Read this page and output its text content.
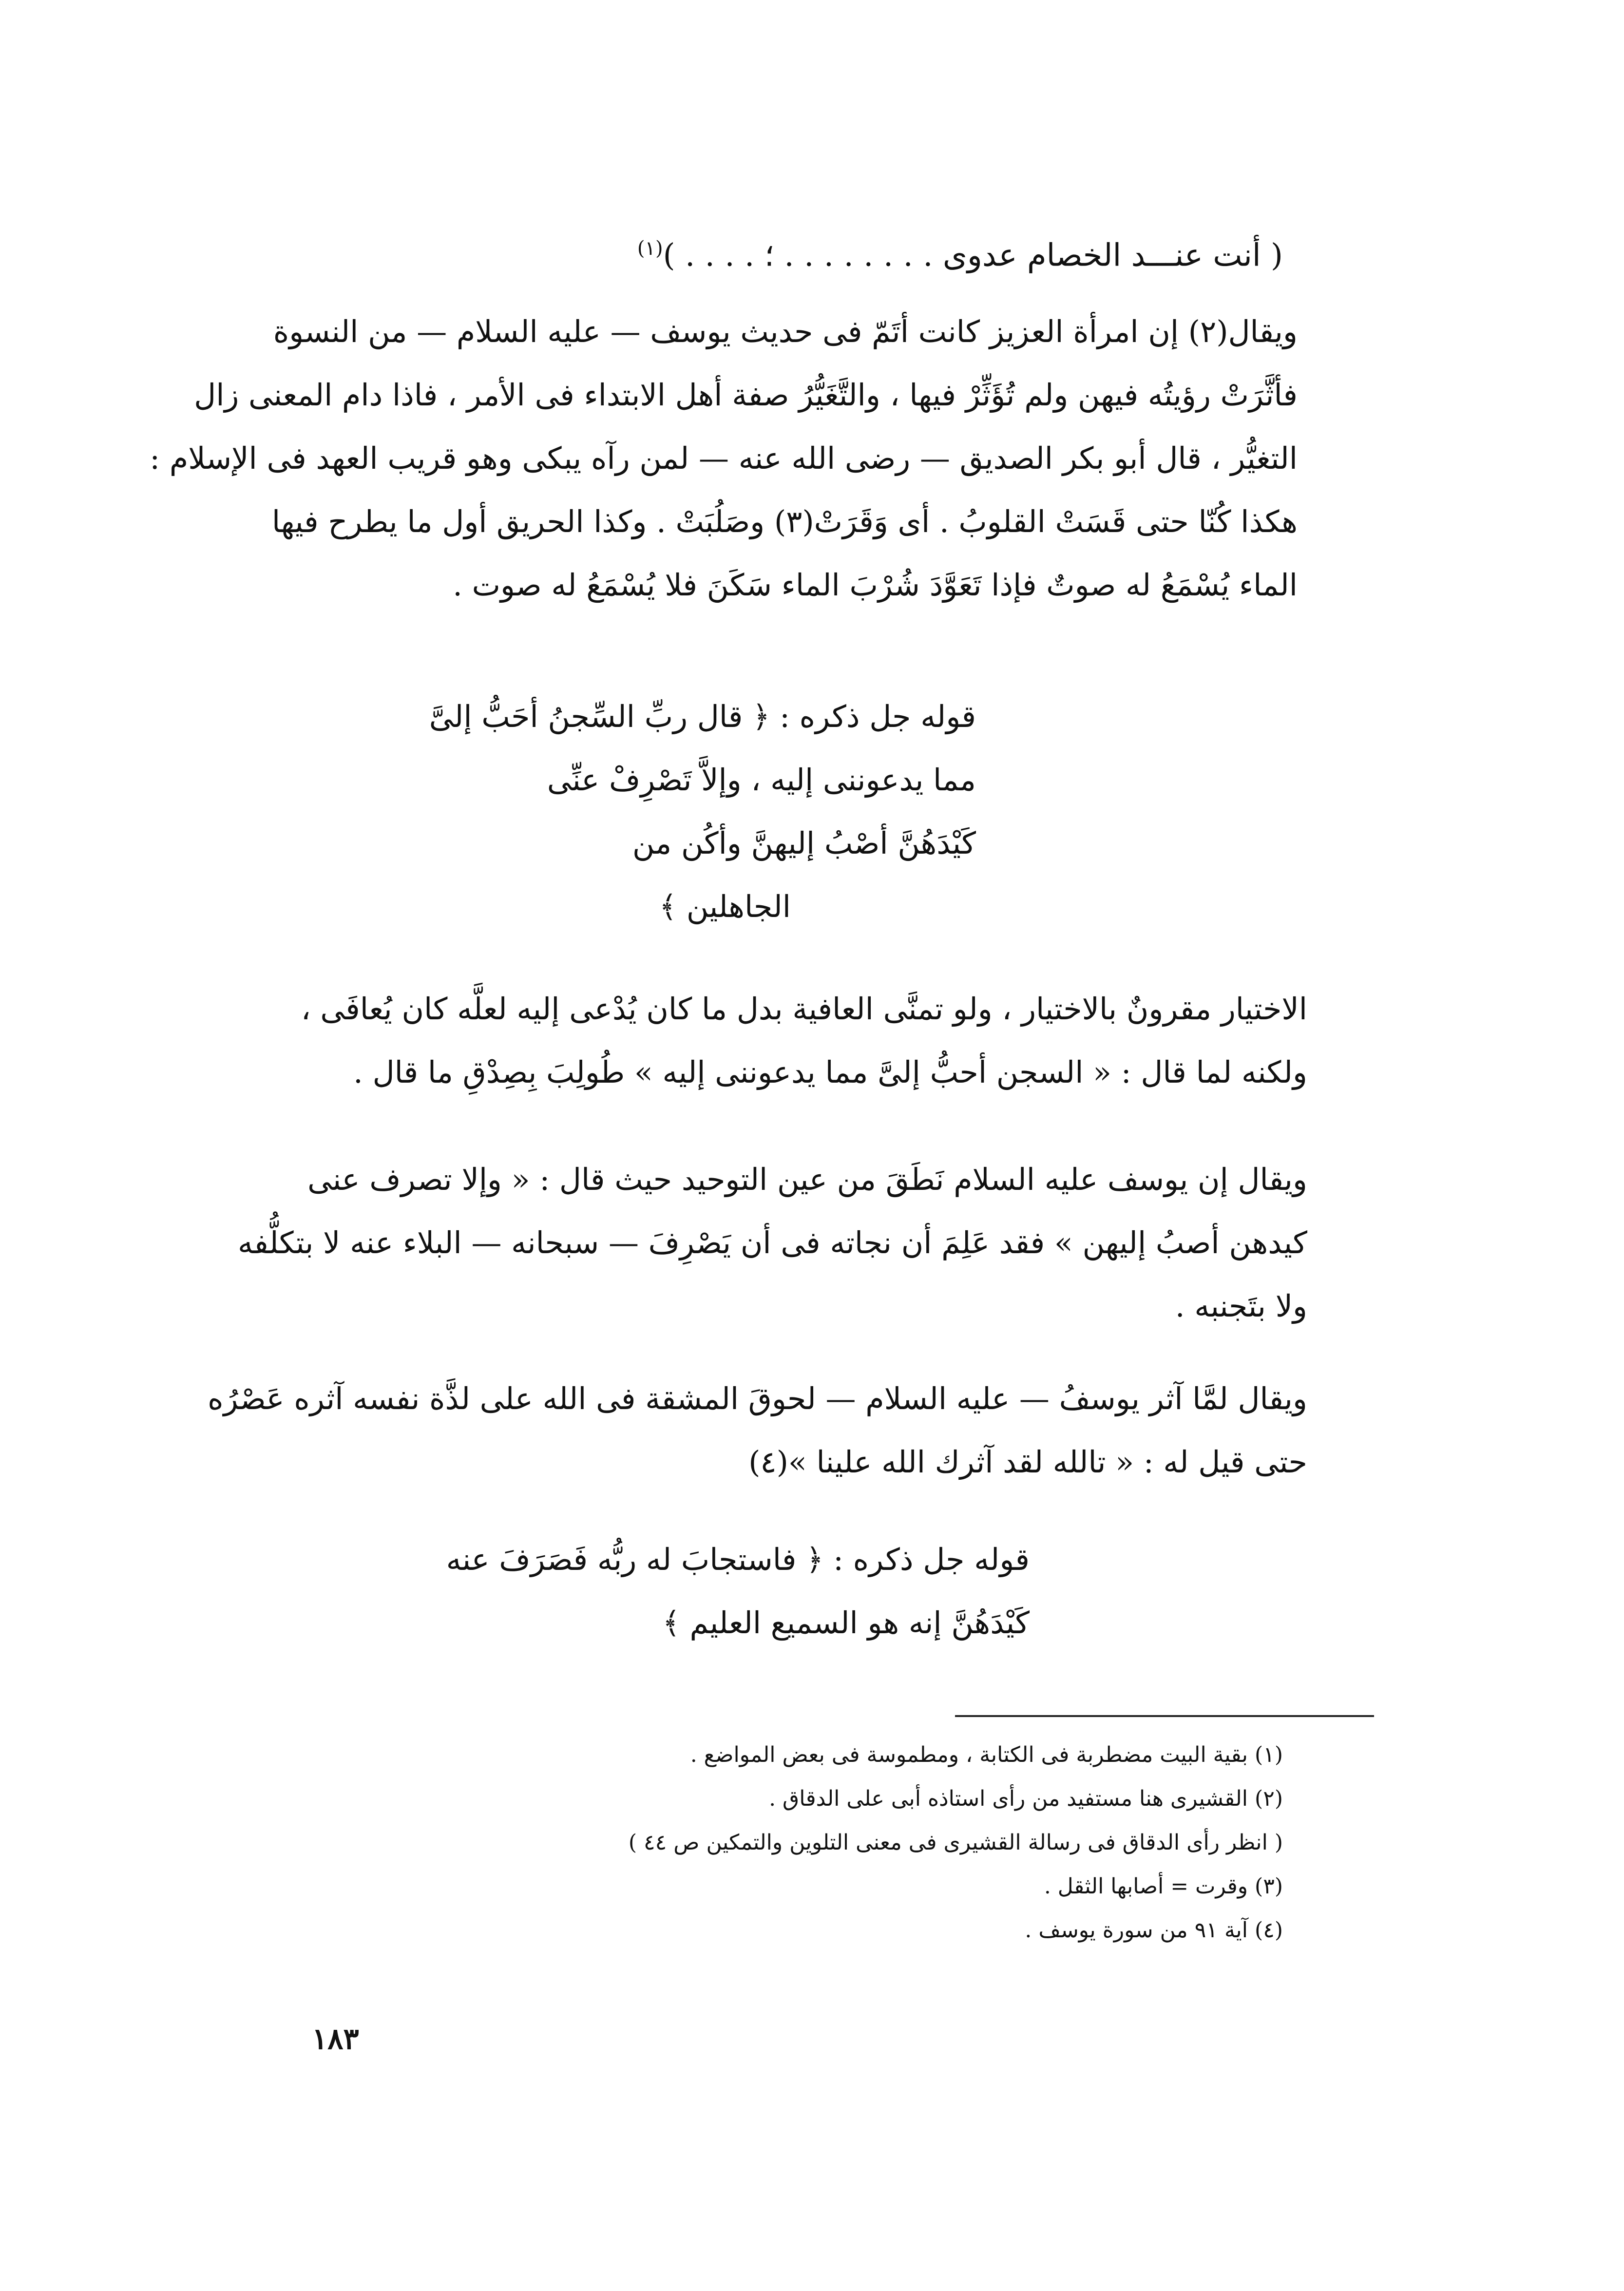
( أنت عنـــد الخصام عدوى . . . . . . . . ؛ . . . . )$^{(١)}$
ويقال(٢) إن امرأة العزيز كانت أتَمّ فى حديث يوسف — عليه السلام — من النسوة
فأثَّرَتْ رؤيتُه فيهن ولم تُؤَثِّرْ فيها ، والتَّغَيُّرُ صفة أهل الابتداء فى الأمر ، فاذا دام المعنى زال
التغيُّر ، قال أبو بكر الصديق — رضى الله عنه — لمن رآه يبكى وهو قريب العهد فى الإسلام :
هكذا كُنّا حتى قَسَتْ القلوبُ . أى وَقَرَتْ(٣) وصَلُبَتْ . وكذا الحريق أول ما يطرح فيها
الماء يُسْمَعُ له صوتٌ فإذا تَعَوَّدَ شُرْبَ الماء سَكَنَ فلا يُسْمَعُ له صوت .
قوله جل ذكره : ﴿ قال ربِّ السِّجنُ أحَبُّ إلىَّ
مما يدعوننى إليه ، وإلاَّ تَصْرِفْ عنِّى
كَيْدَهُنَّ أصْبُ إليهنَّ وأكُن من
الجاهلين ﴾
الاختيار مقرونٌ بالاختيار ، ولو تمنَّى العافية بدل ما كان يُدْعى إليه لعلَّه كان يُعافَى ،
ولكنه لما قال : « السجن أحبُّ إلىَّ مما يدعوننى إليه » طُولِبَ بِصِدْقِ ما قال .
ويقال إن يوسف عليه السلام نَطَقَ من عين التوحيد حيث قال : « وإلا تصرف عنى
كيدهن أصبُ إليهن » فقد عَلِمَ أن نجاته فى أن يَصْرِفَ — سبحانه — البلاء عنه لا بتكلُّفه
ولا بتَجنبه .
ويقال لمَّا آثر يوسفُ — عليه السلام — لحوقَ المشقة فى الله على لذَّة نفسه آثره عَصْرُه
حتى قيل له : « تالله لقد آثرك الله علينا »(٤)
قوله جل ذكره : ﴿ فاستجابَ له ربُّه فَصَرَفَ عنه
كَيْدَهُنَّ إنه هو السميع العليم ﴾
(١) بقية البيت مضطربة فى الكتابة ، ومطموسة فى بعض المواضع .
(٢) القشيرى هنا مستفيد من رأى استاذه أبى على الدقاق .
( انظر رأى الدقاق فى رسالة القشيرى فى معنى التلوين والتمكين ص ٤٤ )
(٣) وقرت = أصابها الثقل .
(٤) آية ٩١ من سورة يوسف .
١٨٣
